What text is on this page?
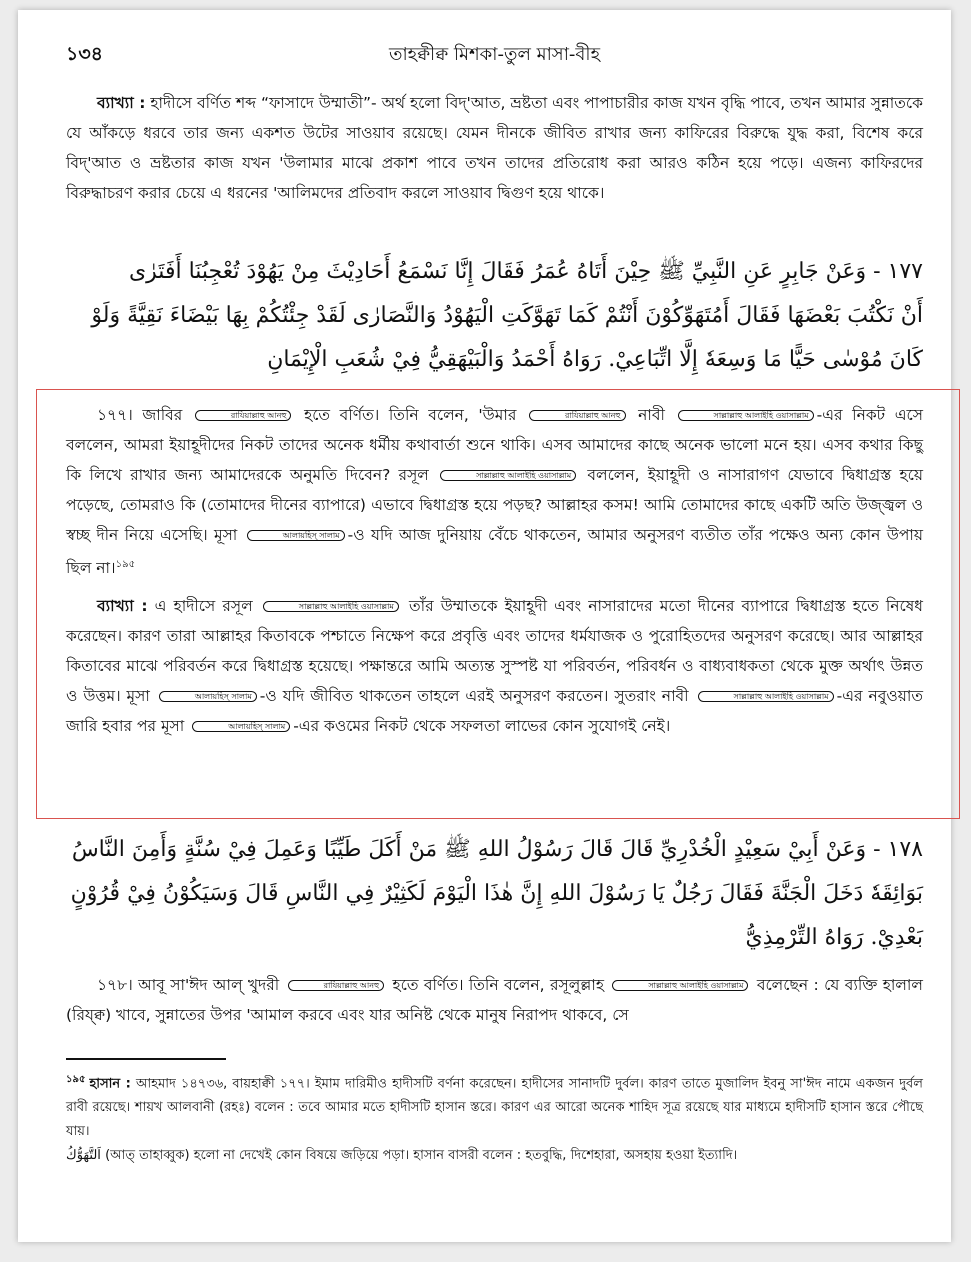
১৩৪	তাহক্বীক্ব মিশকা-তুল মাসা-বীহ

ব্যাখ্যা : হাদীসে বর্ণিত শব্দ “ফাসাদে উম্মাতী”- অর্থ হলো বিদ্‌'আত, ভ্রষ্টতা এবং পাপাচারীর কাজ যখন বৃদ্ধি পাবে, তখন আমার সুন্নাতকে যে আঁকড়ে ধরবে তার জন্য একশত উটের সাওয়াব রয়েছে। যেমন দীনকে জীবিত রাখার জন্য কাফিরের বিরুদ্ধে যুদ্ধ করা, বিশেষ করে বিদ্‌'আত ও ভ্রষ্টতার কাজ যখন 'উলামার মাঝে প্রকাশ পাবে তখন তাদের প্রতিরোধ করা আরও কঠিন হয়ে পড়ে। এজন্য কাফিরদের বিরুদ্ধাচরণ করার চেয়ে এ ধরনের 'আলিমদের প্রতিবাদ করলে সাওয়াব দ্বিগুণ হয়ে থাকে।

١٧٧ - وَعَنْ جَابِرٍ عَنِ النَّبِيِّ ﷺ حِيْنَ أَتَاهُ عُمَرُ فَقَالَ إِنَّا نَسْمَعُ أَحَادِيْثَ مِنْ يَهُوْدَ تُعْجِبُنَا أَفَتَرٰى

أَنْ نَكْتُبَ بَعْضَهَا فَقَالَ أَمُتَهَوِّكُوْنَ أَنْتُمْ كَمَا تَهَوَّكَتِ الْيَهُوْدُ وَالنَّصَارٰى لَقَدْ جِئْتُكُمْ بِهَا بَيْضَاءَ نَقِيَّةً وَلَوْ

كَانَ مُوْسٰى حَيًّا مَا وَسِعَهٗ إِلَّا اتِّبَاعِيْ. رَوَاهُ أَحْمَدُ وَالْبَيْهَقِيُّ فِيْ شُعَبِ الْإِيْمَانِ

১৭৭। জাবির	রাযিয়াল্লাহু আনহু হতে বর্ণিত। তিনি বলেন, 'উমার	রাযিয়াল্লাহু আনহু নাবী	সাল্লাল্লাহু আলাইহি ওয়াসাল্লাম -এর নিকট এসে বললেন, আমরা ইয়াহূদীদের নিকট তাদের অনেক ধর্মীয় কথাবার্তা শুনে থাকি। এসব আমাদের কাছে অনেক ভালো মনে হয়। এসব কথার কিছু কি লিখে রাখার জন্য আমাদেরকে অনুমতি দিবেন? রসূল	সাল্লাল্লাহু আলাইহি ওয়াসাল্লাম বললেন, ইয়াহূদী ও নাসারাগণ যেভাবে দ্বিধাগ্রস্ত হয়ে পড়েছে, তোমরাও কি (তোমাদের দীনের ব্যাপারে) এভাবে দ্বিধাগ্রস্ত হয়ে পড়ছ? আল্লাহর কসম! আমি তোমাদের কাছে একটি অতি উজ্জ্বল ও স্বচ্ছ দীন নিয়ে এসেছি। মূসা	আলায়হিস্ সালাম -ও যদি আজ দুনিয়ায় বেঁচে থাকতেন, আমার অনুসরণ ব্যতীত তাঁর পক্ষেও অন্য কোন উপায় ছিল না।$^{১৯৫}$

ব্যাখ্যা : এ হাদীসে রসূল	সাল্লাল্লাহু আলাইহি ওয়াসাল্লাম তাঁর উম্মাতকে ইয়াহূদী এবং নাসারাদের মতো দীনের ব্যাপারে দ্বিধাগ্রস্ত হতে নিষেধ করেছেন। কারণ তারা আল্লাহর কিতাবকে পশ্চাতে নিক্ষেপ করে প্রবৃত্তি এবং তাদের ধর্মযাজক ও পুরোহিতদের অনুসরণ করেছে। আর আল্লাহর কিতাবের মাঝে পরিবর্তন করে দ্বিধাগ্রস্ত হয়েছে। পক্ষান্তরে আমি অত্যন্ত সুস্পষ্ট যা পরিবর্তন, পরিবর্ধন ও বাধ্যবাধকতা থেকে মুক্ত অর্থাৎ উন্নত ও উত্তম। মূসা	আলায়হিস্ সালাম -ও যদি জীবিত থাকতেন তাহলে এরই অনুসরণ করতেন। সুতরাং নাবী	সাল্লাল্লাহু আলাইহি ওয়াসাল্লাম -এর নবুওয়াত জারি হবার পর মূসা	আলায়হিস্ সালাম -এর কওমের নিকট থেকে সফলতা লাভের কোন সুযোগই নেই।

١٧٨ - وَعَنْ أَبِيْ سَعِيْدٍ الْخُدْرِيِّ قَالَ قَالَ رَسُوْلُ اللهِ ﷺ مَنْ أَكَلَ طَيِّبًا وَعَمِلَ فِيْ سُنَّةٍ وَأَمِنَ النَّاسُ

بَوَائِقَهٗ دَخَلَ الْجَنَّةَ فَقَالَ رَجُلٌ يَا رَسُوْلَ اللهِ إِنَّ هٰذَا الْيَوْمَ لَكَثِيْرٌ فِي النَّاسِ قَالَ وَسَيَكُوْنُ فِيْ قُرُوْنٍ

بَعْدِيْ. رَوَاهُ التِّرْمِذِيُّ

১৭৮। আবূ সা'ঈদ আল্ খুদরী	রাযিয়াল্লাহু আনহু হতে বর্ণিত। তিনি বলেন, রসূলুল্লাহ	সাল্লাল্লাহু আলাইহি ওয়াসাল্লাম বলেছেন : যে ব্যক্তি হালাল (রিয্ক্ব) খাবে, সুন্নাতের উপর 'আমাল করবে এবং যার অনিষ্ট থেকে মানুষ নিরাপদ থাকবে, সে

$^{১৯৫}$ হাসান : আহমাদ ১৪৭৩৬, বায়হাক্বী ১৭৭। ইমাম দারিমীও হাদীসটি বর্ণনা করেছেন। হাদীসের সানাদটি দুর্বল। কারণ তাতে মুজালিদ ইবনু সা'ঈদ নামে একজন দুর্বল রাবী রয়েছে। শায়খ আলবানী (রহঃ) বলেন : তবে আমার মতে হাদীসটি হাসান স্তরে। কারণ এর আরো অনেক শাহিদ সূত্র রয়েছে যার মাধ্যমে হাদীসটি হাসান স্তরে পৌছে যায়।

اَلتَّهَوُّكُ (আত্ তাহাব্বুক) হলো না দেখেই কোন বিষয়ে জড়িয়ে পড়া। হাসান বাসরী বলেন : হতবুদ্ধি, দিশেহারা, অসহায় হওয়া ইত্যাদি।
